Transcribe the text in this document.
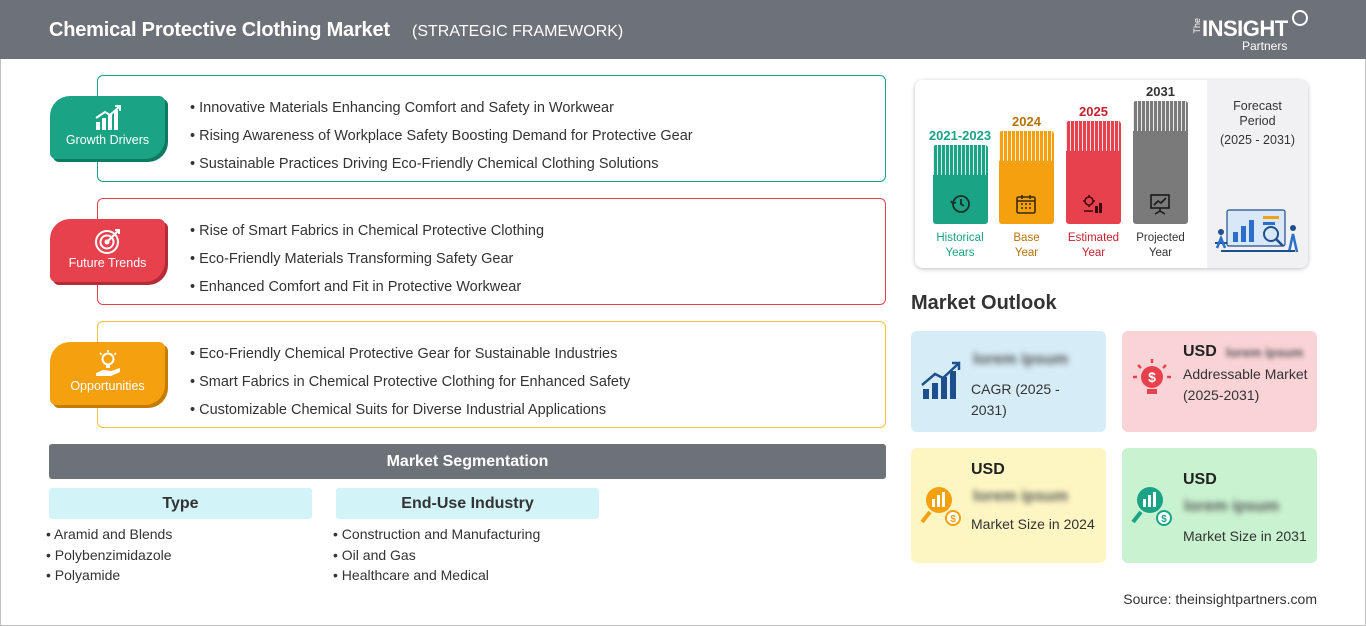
Chemical Protective Clothing Market (STRATEGIC FRAMEWORK)	The INSIGHT
Partners
• Innovative Materials Enhancing Comfort and Safety in Workwear
• Rising Awareness of Workplace Safety Boosting Demand for Protective Gear
• Sustainable Practices Driving Eco-Friendly Chemical Clothing Solutions
Growth Drivers
• Rise of Smart Fabrics in Chemical Protective Clothing
• Eco-Friendly Materials Transforming Safety Gear
• Enhanced Comfort and Fit in Protective Workwear
Future Trends
• Eco-Friendly Chemical Protective Gear for Sustainable Industries
• Smart Fabrics in Chemical Protective Clothing for Enhanced Safety
• Customizable Chemical Suits for Diverse Industrial Applications
Opportunities
Market Segmentation
Type	End-Use Industry
• Aramid and Blends
• Polybenzimidazole
• Polyamide
• Construction and Manufacturing
• Oil and Gas
• Healthcare and Medical
Forecast Period
(2025 - 2031)
2021-2023
Historical
Years
2024
Base
Year
2025
Estimated
Year
2031
Projected
Year
Market Outlook
lorem ipsum
CAGR (2025 - 2031)
$
USD lorem ipsum
Addressable Market (2025-2031)
$
USD
lorem ipsum
Market Size in 2024	$
USD
lorem ipsum
Market Size in 2031
Source: theinsightpartners.com
